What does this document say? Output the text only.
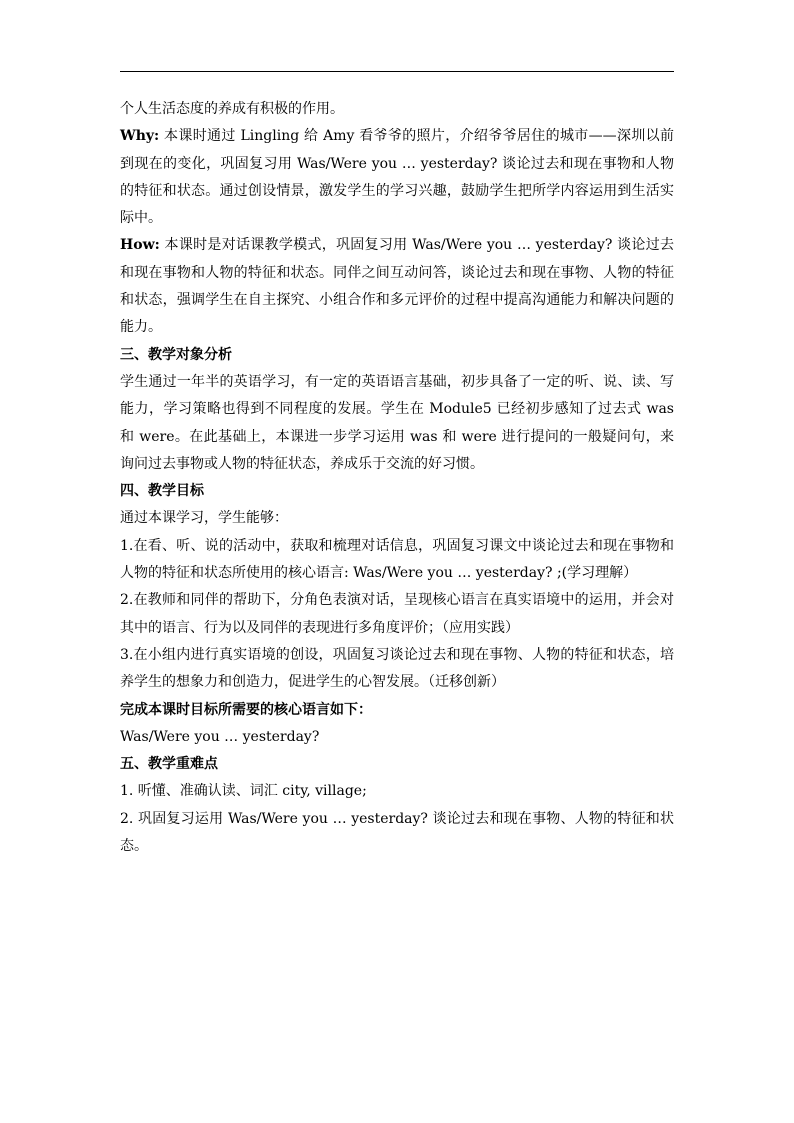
个人生活态度的养成有积极的作用。

Why: 本课时通过 Lingling 给 Amy 看爷爷的照片，介绍爷爷居住的城市——深圳以前到现在的变化，巩固复习用 Was/Were you … yesterday? 谈论过去和现在事物和人物的特征和状态。通过创设情景，激发学生的学习兴趣，鼓励学生把所学内容运用到生活实际中。

How: 本课时是对话课教学模式，巩固复习用 Was/Were you … yesterday? 谈论过去和现在事物和人物的特征和状态。同伴之间互动问答，谈论过去和现在事物、人物的特征和状态，强调学生在自主探究、小组合作和多元评价的过程中提高沟通能力和解决问题的能力。

三、教学对象分析

学生通过一年半的英语学习，有一定的英语语言基础，初步具备了一定的听、说、读、写能力，学习策略也得到不同程度的发展。学生在 Module5 已经初步感知了过去式 was 和 were。在此基础上，本课进一步学习运用 was 和 were 进行提问的一般疑问句，来询问过去事物或人物的特征状态，养成乐于交流的好习惯。

四、教学目标

通过本课学习，学生能够：

1.在看、听、说的活动中，获取和梳理对话信息，巩固复习课文中谈论过去和现在事物和人物的特征和状态所使用的核心语言: Was/Were you … yesterday? ;(学习理解）

2.在教师和同伴的帮助下，分角色表演对话，呈现核心语言在真实语境中的运用，并会对其中的语言、行为以及同伴的表现进行多角度评价；（应用实践）

3.在小组内进行真实语境的创设，巩固复习谈论过去和现在事物、人物的特征和状态，培养学生的想象力和创造力，促进学生的心智发展。（迁移创新）

完成本课时目标所需要的核心语言如下：

Was/Were you … yesterday?

五、教学重难点

1. 听懂、准确认读、词汇 city, village;

2. 巩固复习运用 Was/Were you … yesterday? 谈论过去和现在事物、人物的特征和状态。
